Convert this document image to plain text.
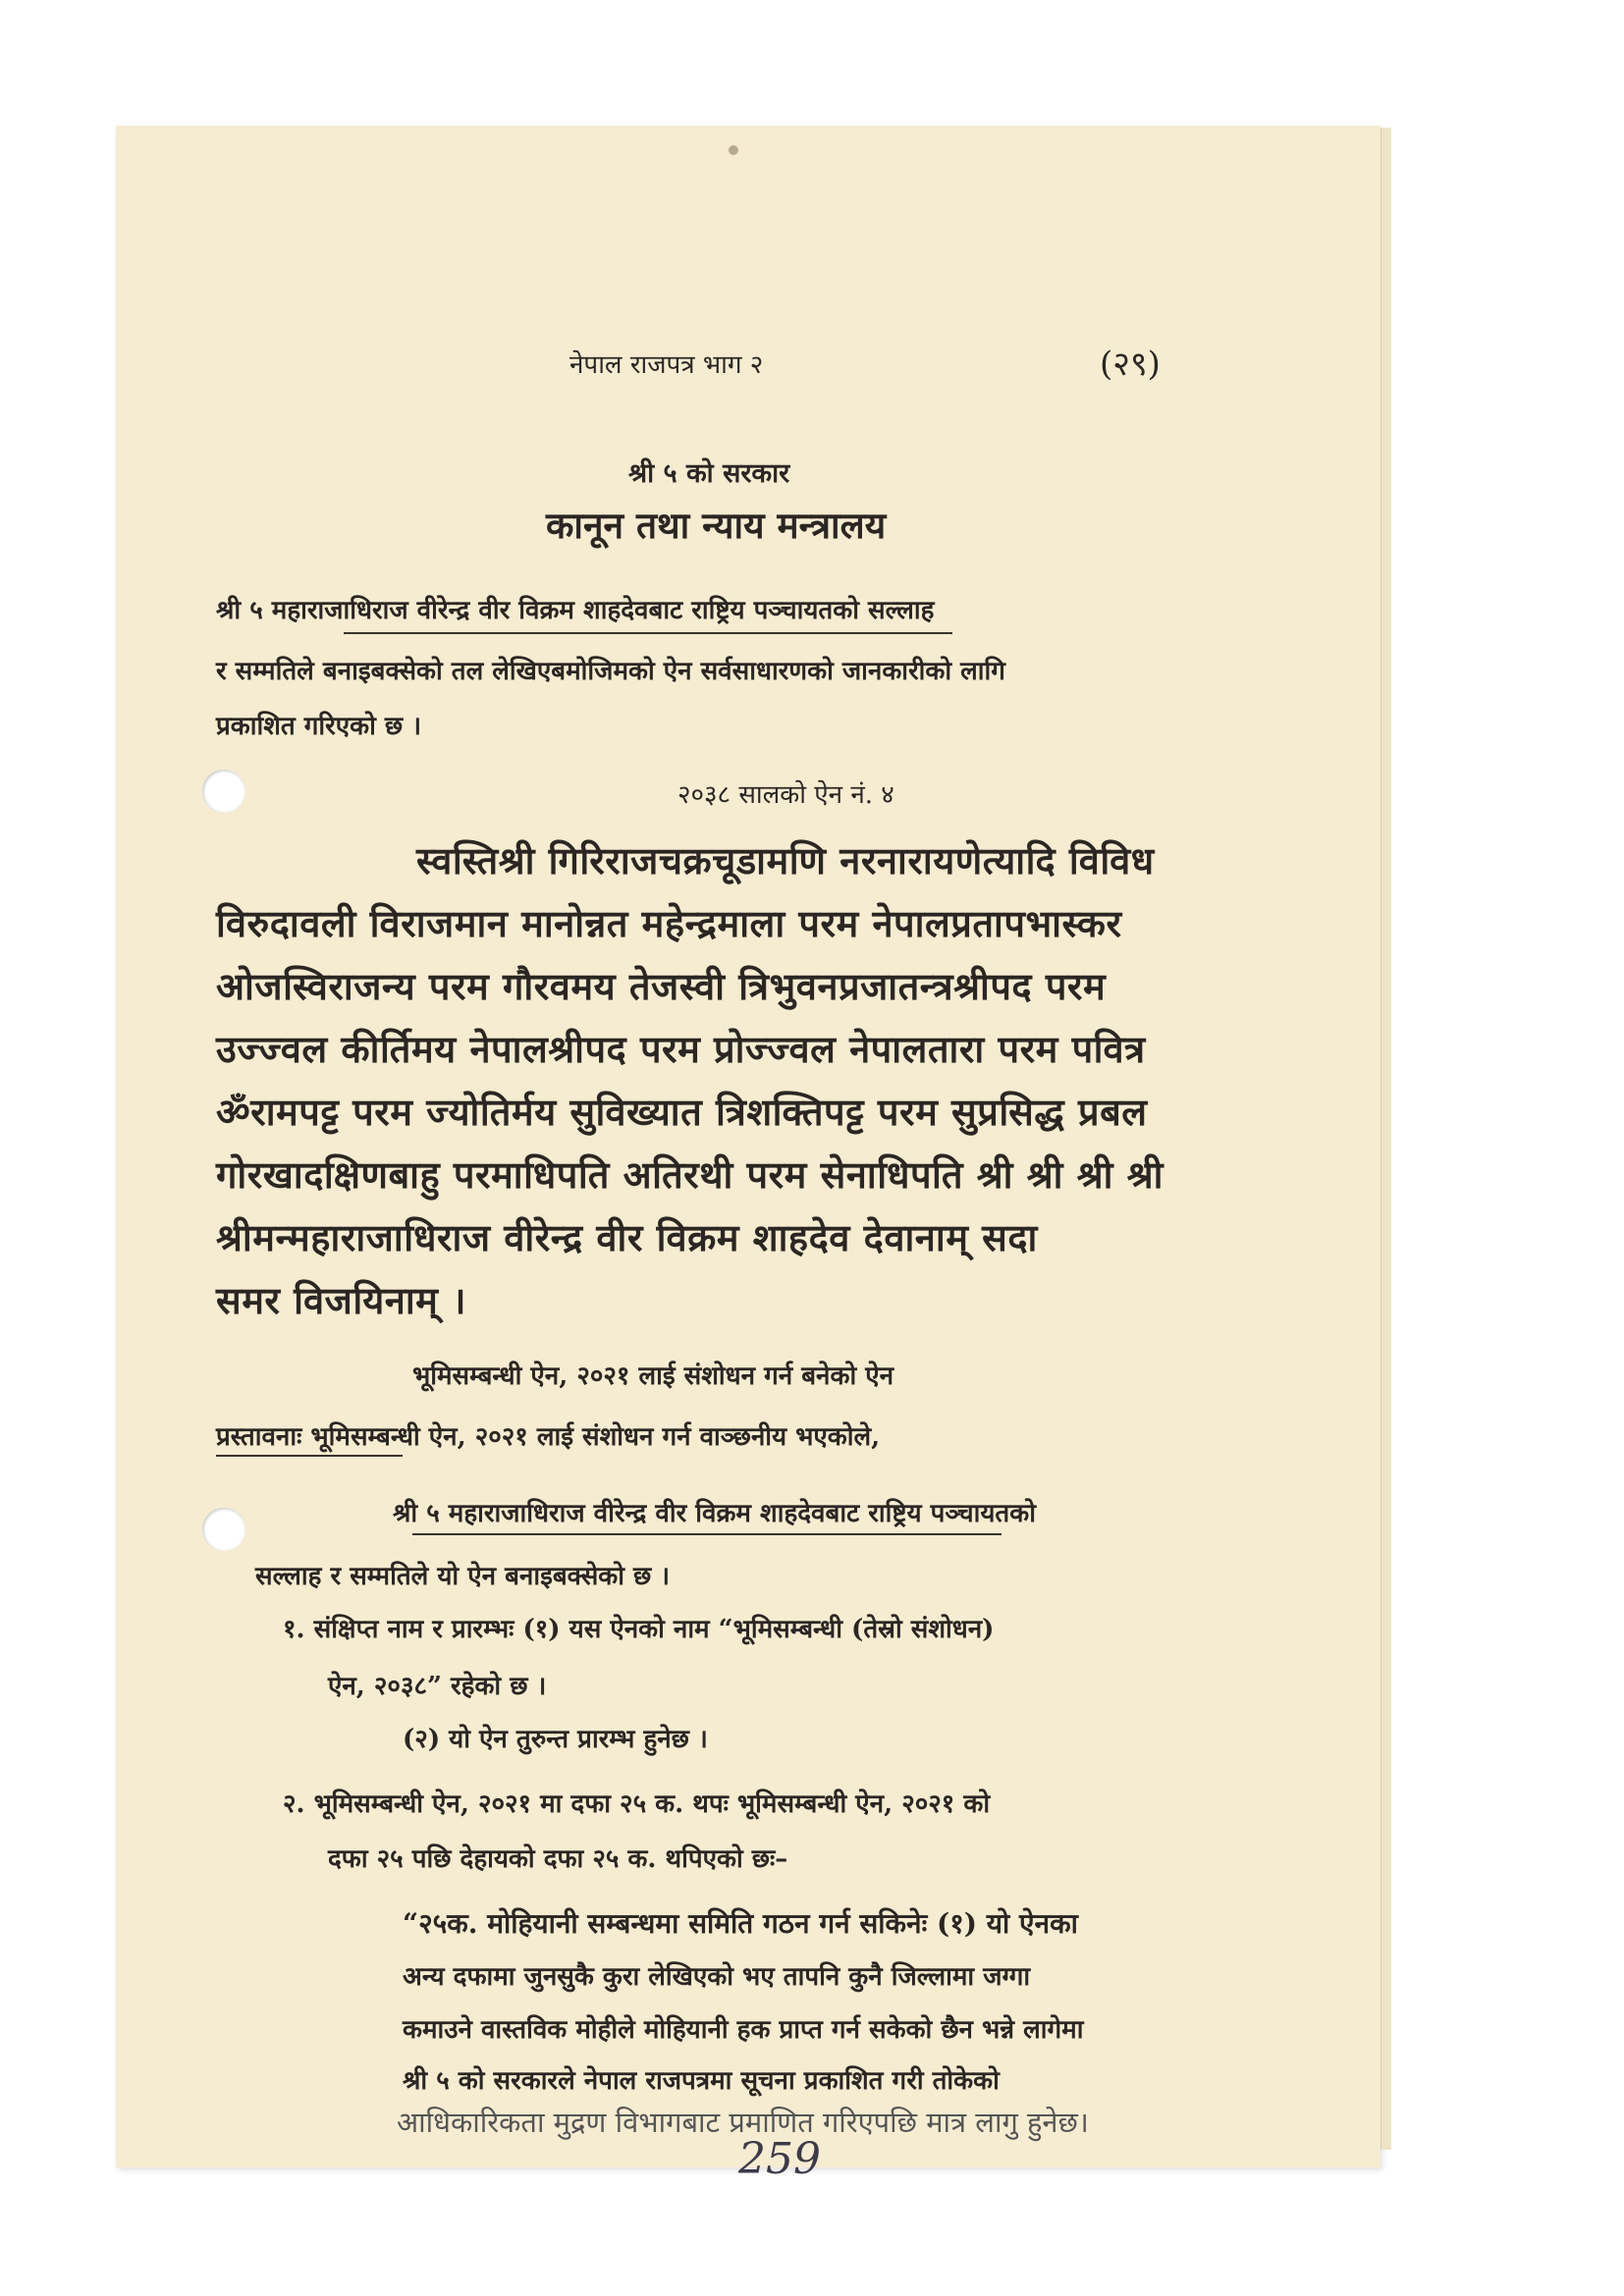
नेपाल राजपत्र भाग २	(२९)
श्री ५ को सरकार
कानून तथा न्याय मन्त्रालय
श्री ५ महाराजाधिराज वीरेन्द्र वीर विक्रम शाहदेवबाट राष्ट्रिय पञ्चायतको सल्लाह
र सम्मतिले बनाइबक्सेको तल लेखिएबमोजिमको ऐन सर्वसाधारणको जानकारीको लागि
प्रकाशित गरिएको छ ।
२०३८ सालको ऐन नं. ४
स्वस्तिश्री गिरिराजचक्रचूडामणि नरनारायणेत्यादि विविध
विरुदावली विराजमान मानोन्नत महेन्द्रमाला परम नेपालप्रतापभास्कर
ओजस्विराजन्य परम गौरवमय तेजस्वी त्रिभुवनप्रजातन्त्रश्रीपद परम
उज्ज्वल कीर्तिमय नेपालश्रीपद परम प्रोज्ज्वल नेपालतारा परम पवित्र
ॐरामपट्ट परम ज्योतिर्मय सुविख्यात त्रिशक्तिपट्ट परम सुप्रसिद्ध प्रबल
गोरखादक्षिणबाहु परमाधिपति अतिरथी परम सेनाधिपति श्री श्री श्री श्री
श्रीमन्महाराजाधिराज वीरेन्द्र वीर विक्रम शाहदेव देवानाम् सदा
समर विजयिनाम् ।
भूमिसम्बन्धी ऐन, २०२१ लाई संशोधन गर्न बनेको ऐन
प्रस्तावनाः भूमिसम्बन्धी ऐन, २०२१ लाई संशोधन गर्न वाञ्छनीय भएकोले,
श्री ५ महाराजाधिराज वीरेन्द्र वीर विक्रम शाहदेवबाट राष्ट्रिय पञ्चायतको
सल्लाह र सम्मतिले यो ऐन बनाइबक्सेको छ ।
१. संक्षिप्त नाम र प्रारम्भः (१) यस ऐनको नाम “भूमिसम्बन्धी (तेस्रो संशोधन)
ऐन, २०३८” रहेको छ ।
(२) यो ऐन तुरुन्त प्रारम्भ हुनेछ ।
२. भूमिसम्बन्धी ऐन, २०२१ मा दफा २५ क. थपः भूमिसम्बन्धी ऐन, २०२१ को
दफा २५ पछि देहायको दफा २५ क. थपिएको छः–
“२५क. मोहियानी सम्बन्धमा समिति गठन गर्न सकिनेः (१) यो ऐनका
अन्य दफामा जुनसुकै कुरा लेखिएको भए तापनि कुनै जिल्लामा जग्गा
कमाउने वास्तविक मोहीले मोहियानी हक प्राप्त गर्न सकेको छैन भन्ने लागेमा
श्री ५ को सरकारले नेपाल राजपत्रमा सूचना प्रकाशित गरी तोकेको
आधिकारिकता मुद्रण विभागबाट प्रमाणित गरिएपछि मात्र लागु हुनेछ।
259
